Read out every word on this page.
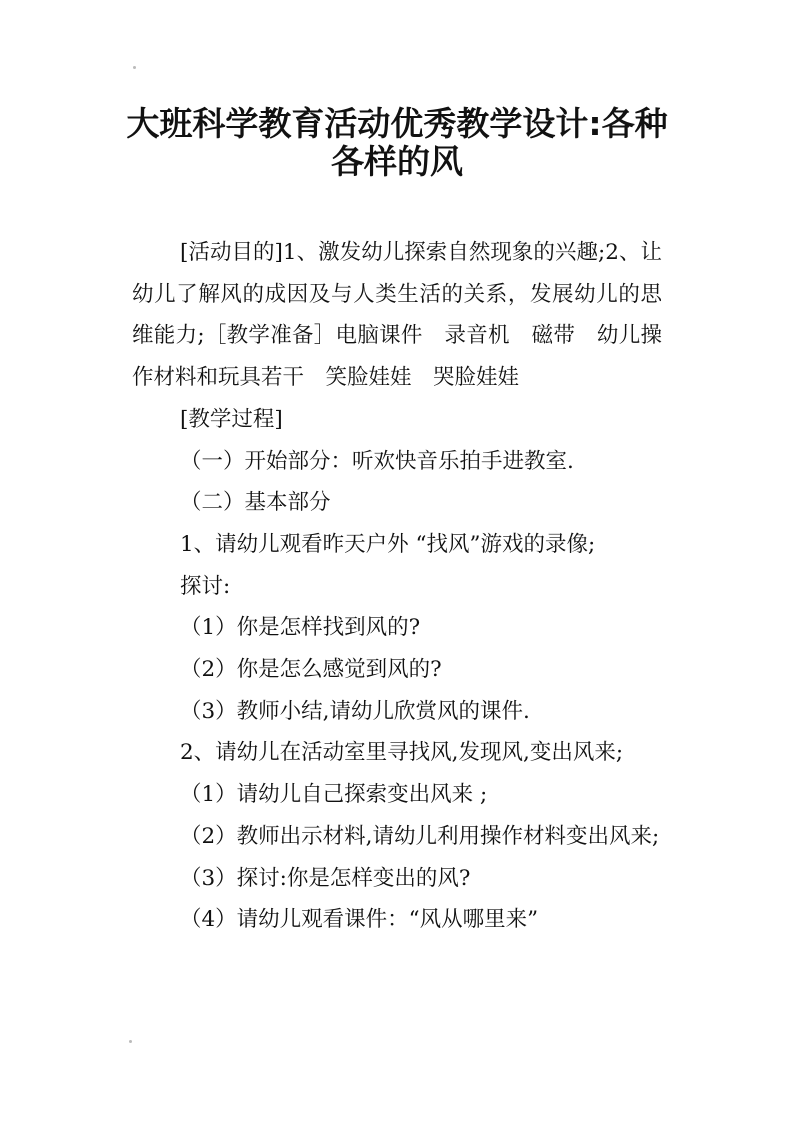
大班科学教育活动优秀教学设计:各种
各样的风

[活动目的]1、激发幼儿探索自然现象的兴趣;2、让幼儿了解风的成因及与人类生活的关系，发展幼儿的思维能力;［教学准备］电脑课件　录音机　磁带　幼儿操作材料和玩具若干　笑脸娃娃　哭脸娃娃

[教学过程]

（一）开始部分：听欢快音乐拍手进教室.

（二）基本部分

1、请幼儿观看昨天户外 “找风”游戏的录像;

探讨:

（1）你是怎样找到风的?

（2）你是怎么感觉到风的?

（3）教师小结,请幼儿欣赏风的课件.

2、请幼儿在活动室里寻找风,发现风,变出风来;

（1）请幼儿自己探索变出风来 ;

（2）教师出示材料,请幼儿利用操作材料变出风来;

（3）探讨:你是怎样变出的风?

（4）请幼儿观看课件：“风从哪里来”
